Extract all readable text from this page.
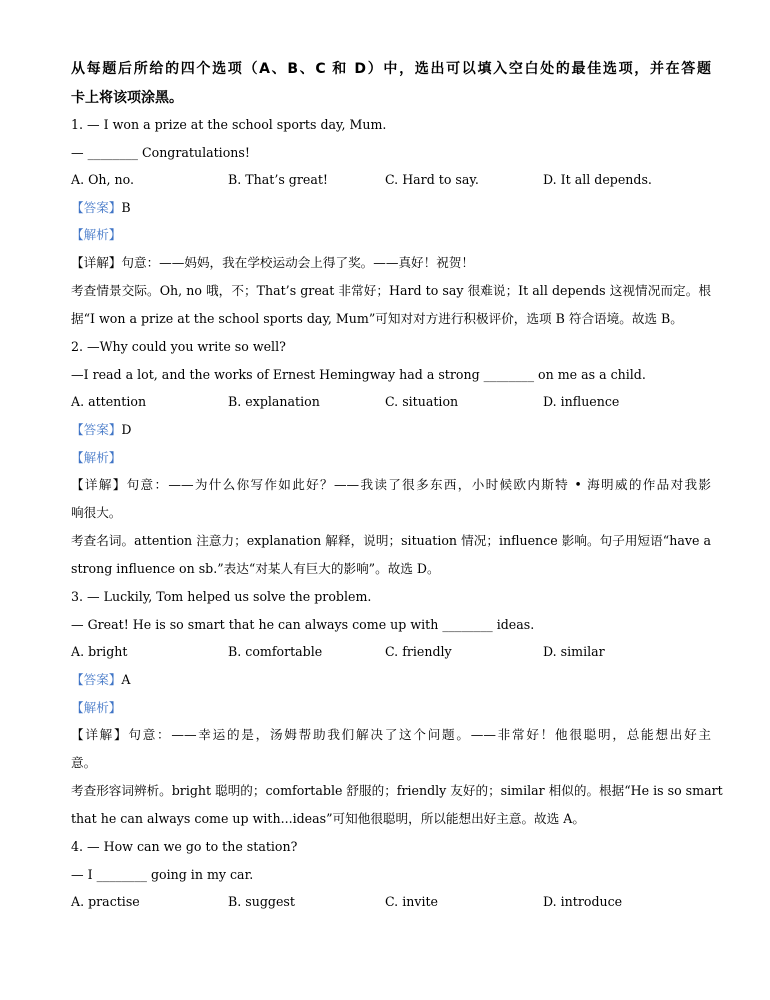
从每题后所给的四个选项（A、B、C 和 D）中，选出可以填入空白处的最佳选项，并在答题
卡上将该项涂黑。
1. — I won a prize at the school sports day, Mum.
— ________ Congratulations!
A. Oh, no.	B. That’s great!	C. Hard to say.	D. It all depends.
【答案】B
【解析】
【详解】句意：——妈妈，我在学校运动会上得了奖。——真好！祝贺！
考查情景交际。Oh, no 哦，不；That’s great 非常好；Hard to say 很难说；It all depends 这视情况而定。根
据“I won a prize at the school sports day, Mum”可知对对方进行积极评价，选项 B 符合语境。故选 B。
2. —Why could you write so well?
—I read a lot, and the works of Ernest Hemingway had a strong ________ on me as a child.
A. attention	B. explanation	C. situation	D. influence
【答案】D
【解析】
【详解】句意：——为什么你写作如此好？——我读了很多东西，小时候欧内斯特 • 海明威的作品对我影
响很大。
考查名词。attention 注意力；explanation 解释，说明；situation 情况；influence 影响。句子用短语“have a
strong influence on sb.”表达“对某人有巨大的影响”。故选 D。
3. — Luckily, Tom helped us solve the problem.
— Great! He is so smart that he can always come up with ________ ideas.
A. bright	B. comfortable	C. friendly	D. similar
【答案】A
【解析】
【详解】句意：——幸运的是，汤姆帮助我们解决了这个问题。——非常好！他很聪明，总能想出好主
意。
考查形容词辨析。bright 聪明的；comfortable 舒服的；friendly 友好的；similar 相似的。根据“He is so smart
that he can always come up with...ideas”可知他很聪明，所以能想出好主意。故选 A。
4. — How can we go to the station?
— I ________ going in my car.
A. practise	B. suggest	C. invite	D. introduce
